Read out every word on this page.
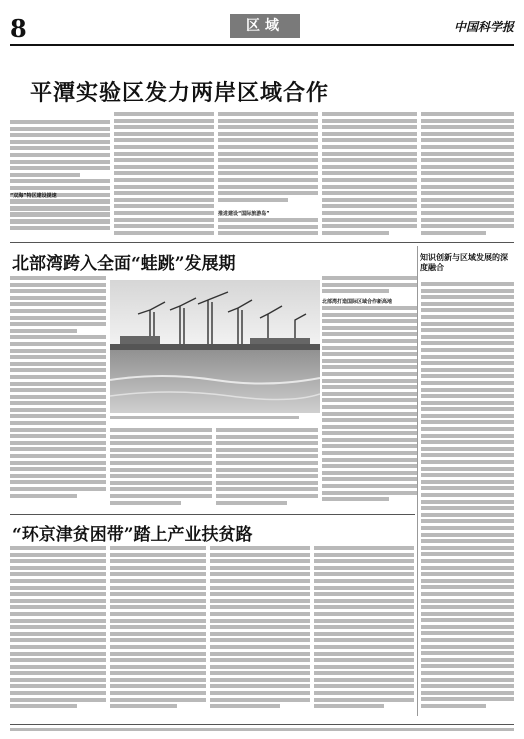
8	区域	中国科学报
平潭实验区发力两岸区域合作
“双海”特区建设提速
推进建设“国际旅游岛”
北部湾跨入全面“蛙跳”发展期
北部湾打造国际区域合作新高地
知识创新与区域发展的深度融合
“环京津贫困带”踏上产业扶贫路
